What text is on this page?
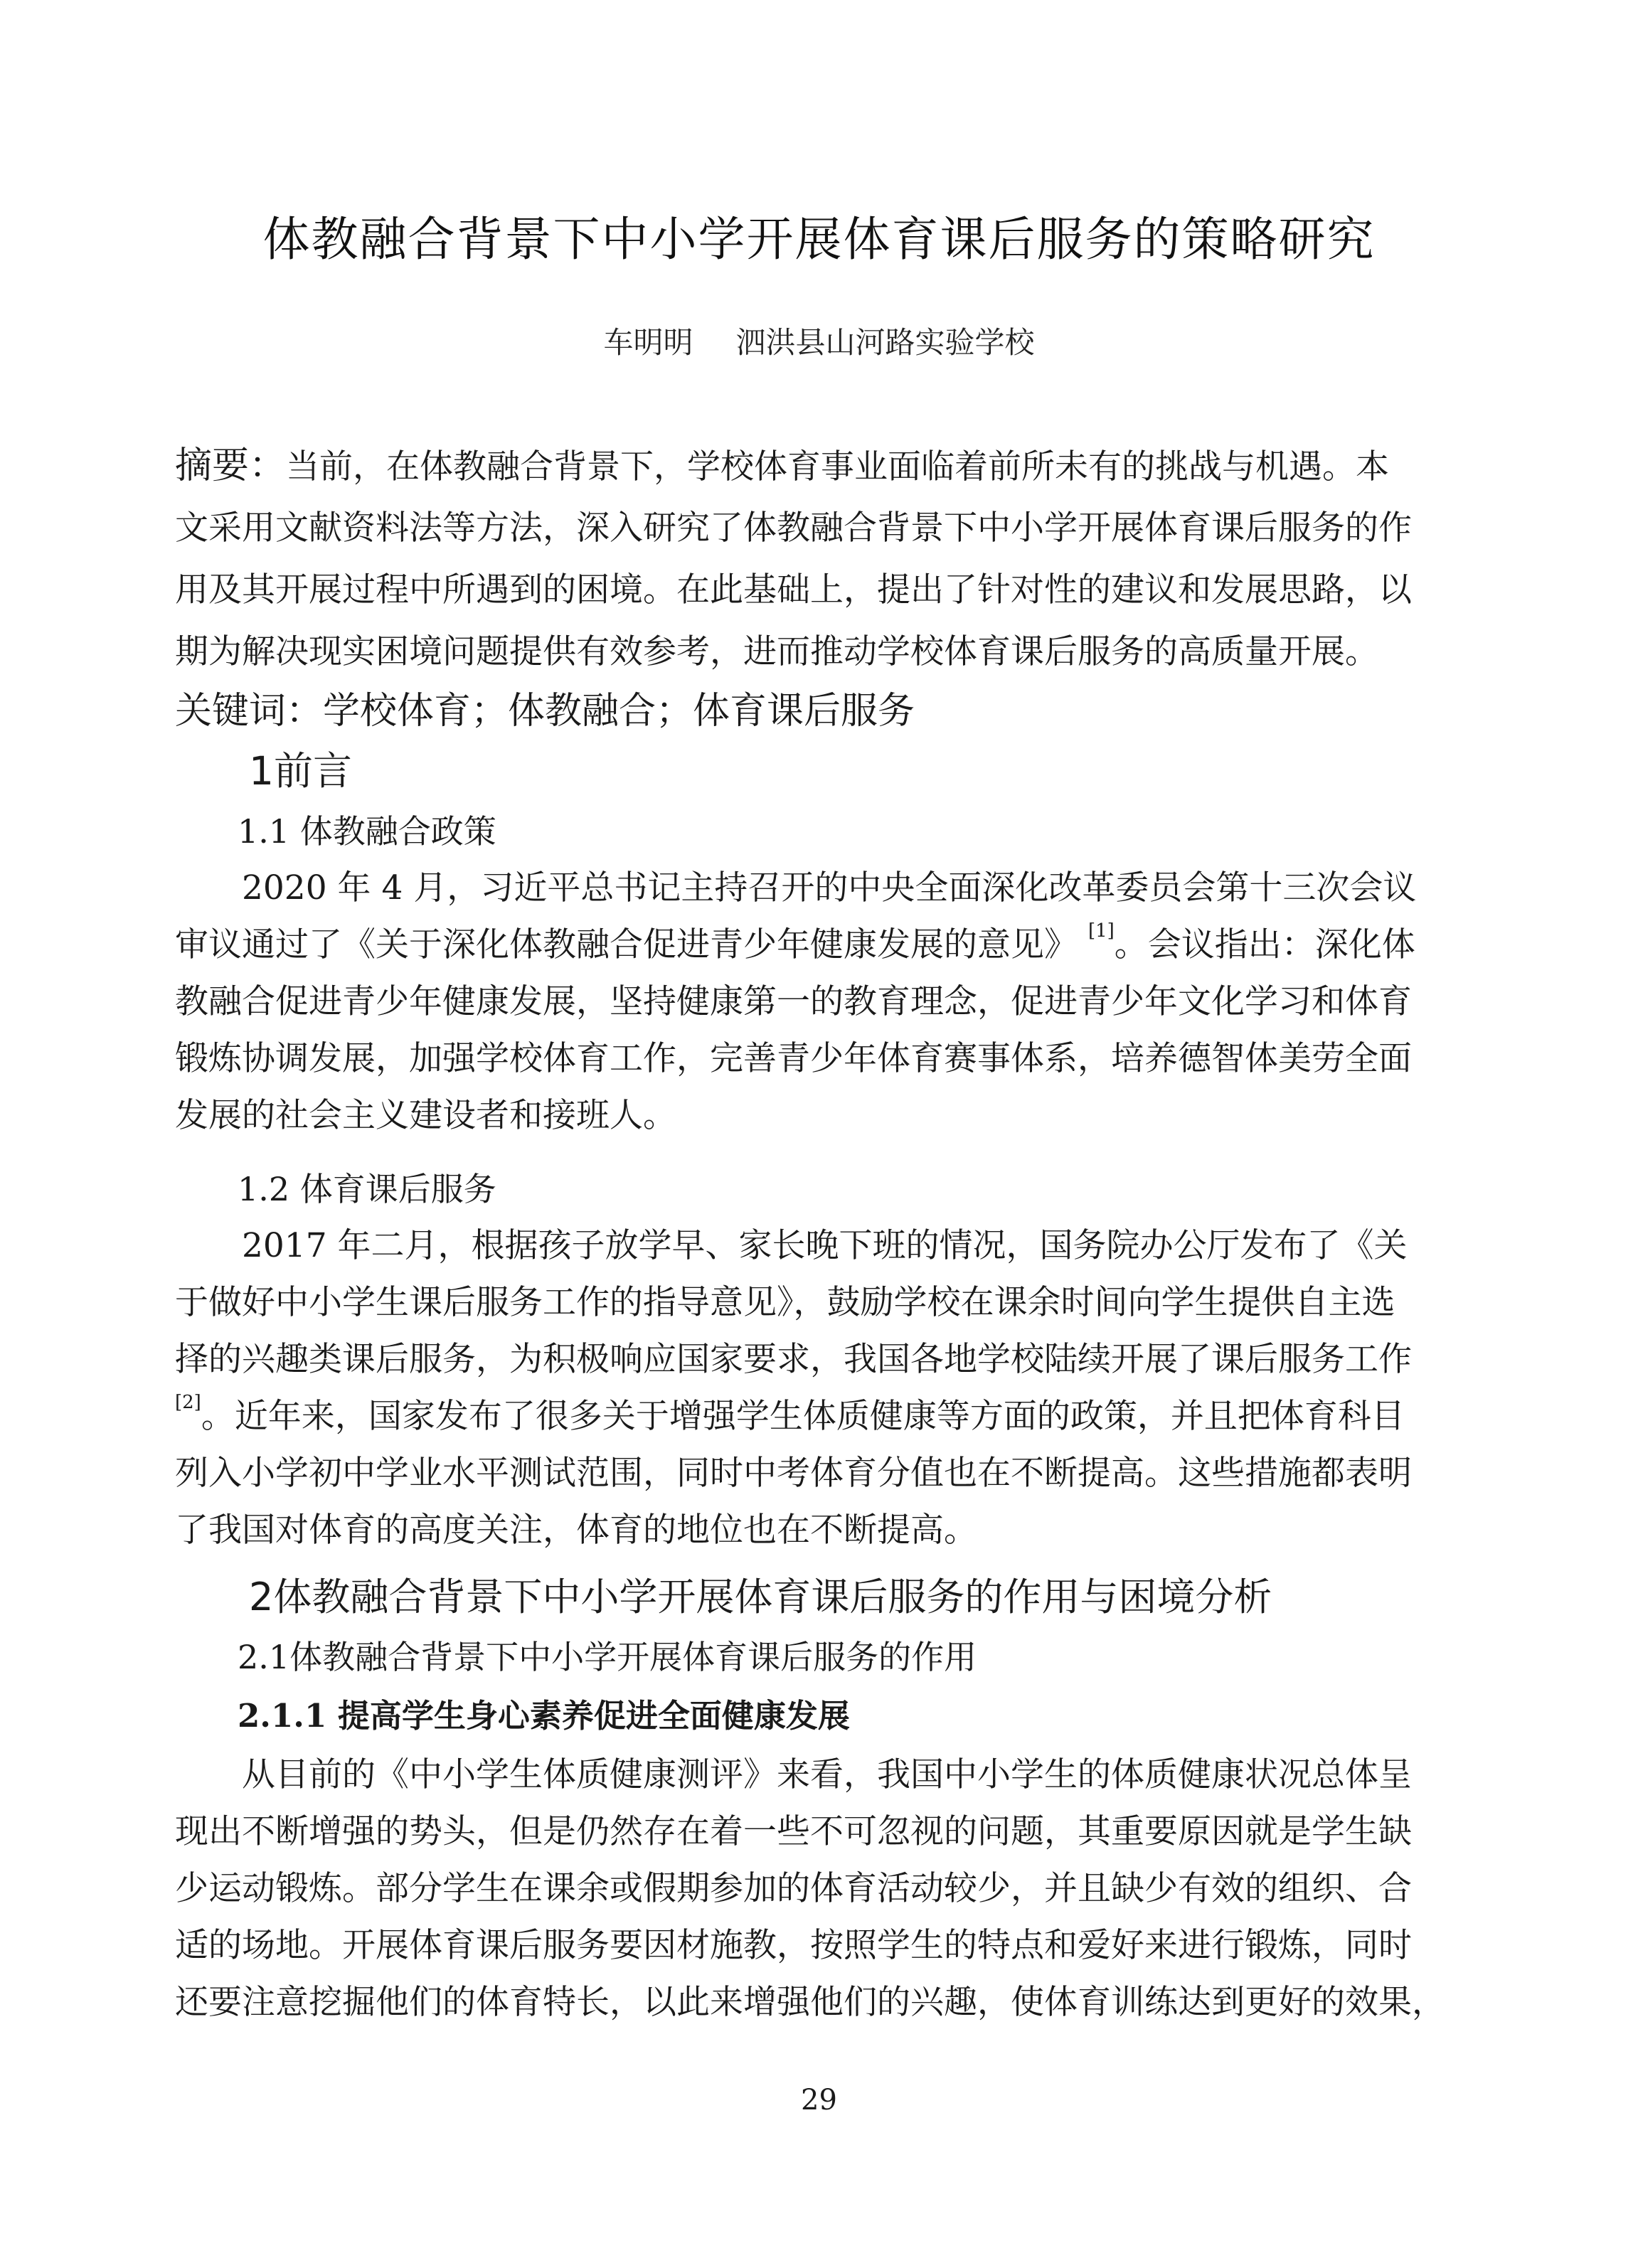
体教融合背景下中小学开展体育课后服务的策略研究
车明明 泗洪县山河路实验学校
摘要：当前，在体教融合背景下，学校体育事业面临着前所未有的挑战与机遇。本
文采用文献资料法等方法，深入研究了体教融合背景下中小学开展体育课后服务的作
用及其开展过程中所遇到的困境。在此基础上，提出了针对性的建议和发展思路，以
期为解决现实困境问题提供有效参考，进而推动学校体育课后服务的高质量开展。
关键词：学校体育；体教融合；体育课后服务
1前言
1.1 体教融合政策
2020 年 4 月，习近平总书记主持召开的中央全面深化改革委员会第十三次会议
审议通过了《关于深化体教融合促进青少年健康发展的意见》 [1]。会议指出：深化体
教融合促进青少年健康发展，坚持健康第一的教育理念，促进青少年文化学习和体育
锻炼协调发展，加强学校体育工作，完善青少年体育赛事体系，培养德智体美劳全面
发展的社会主义建设者和接班人。
1.2 体育课后服务
2017 年二月，根据孩子放学早、家长晚下班的情况，国务院办公厅发布了《关
于做好中小学生课后服务工作的指导意见》，鼓励学校在课余时间向学生提供自主选
择的兴趣类课后服务，为积极响应国家要求，我国各地学校陆续开展了课后服务工作
[2]。近年来，国家发布了很多关于增强学生体质健康等方面的政策，并且把体育科目
列入小学初中学业水平测试范围，同时中考体育分值也在不断提高。这些措施都表明
了我国对体育的高度关注，体育的地位也在不断提高。
2体教融合背景下中小学开展体育课后服务的作用与困境分析
2.1体教融合背景下中小学开展体育课后服务的作用
2.1.1 提高学生身心素养促进全面健康发展
从目前的《中小学生体质健康测评》来看，我国中小学生的体质健康状况总体呈
现出不断增强的势头，但是仍然存在着一些不可忽视的问题，其重要原因就是学生缺
少运动锻炼。部分学生在课余或假期参加的体育活动较少，并且缺少有效的组织、合
适的场地。开展体育课后服务要因材施教，按照学生的特点和爱好来进行锻炼，同时
还要注意挖掘他们的体育特长，以此来增强他们的兴趣，使体育训练达到更好的效果，
29
